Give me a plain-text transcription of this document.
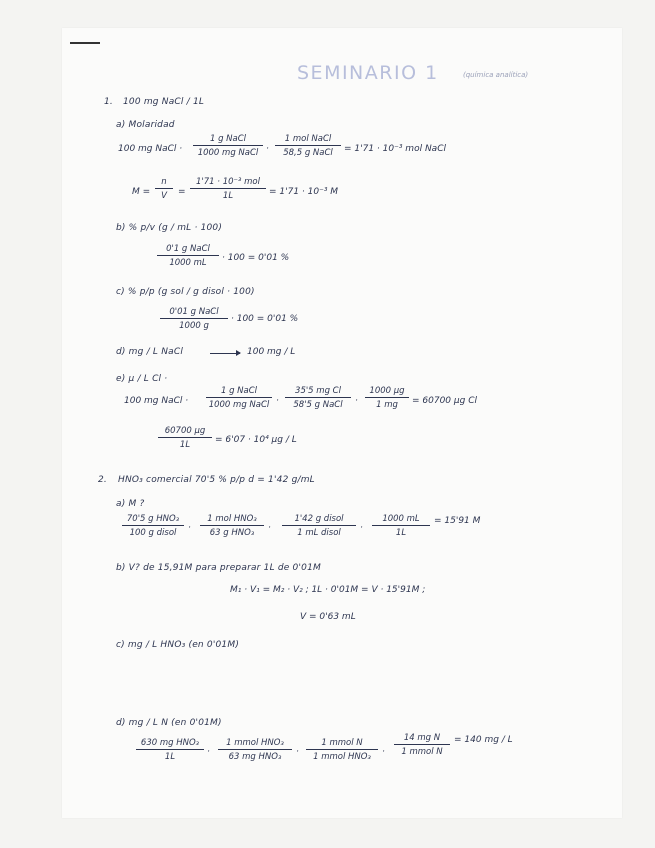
SEMINARIO 1	(química analítica)
1. 100 mg NaCl / 1L
a) Molaridad
100 mg NaCl ·
1 g NaCl
1000 mg NaCl ·
1 mol NaCl
58,5 g NaCl	= 1'71 · 10⁻³ mol NaCl
M =
n
V	=
1'71 · 10⁻³ mol
1L	= 1'71 · 10⁻³ M
b) % p/v (g / mL · 100)
0'1 g NaCl
1000 mL	· 100 = 0'01 %
c) % p/p (g sol / g disol · 100)
0'01 g NaCl
1000 g
· 100 = 0'01 %
d) mg / L NaCl	100 mg / L
e) µ / L Cl ·
100 mg NaCl ·
1 g NaCl
1000 mg NaCl ·
35'5 mg Cl
58'5 g NaCl	·
1000 µg
1 mg	= 60700 µg Cl
60700 µg
1L	= 6'07 · 10⁴ µg / L
2. HNO₃ comercial 70'5 % p/p d = 1'42 g/mL
a) M ?
70'5 g HNO₃
100 g disol	·
1 mol HNO₃
63 g HNO₃	·
1'42 g disol
1 mL disol	·
1000 mL
1L
= 15'91 M
b) V? de 15,91M para preparar 1L de 0'01M
M₁ · V₁ = M₂ · V₂ ; 1L · 0'01M = V · 15'91M ;
V = 0'63 mL
c) mg / L HNO₃ (en 0'01M)
d) mg / L N (en 0'01M)
630 mg HNO₃
1L	·
1 mmol HNO₃
63 mg HNO₃	·
1 mmol N
1 mmol HNO₃	·
14 mg N
1 mmol N
= 140 mg / L
